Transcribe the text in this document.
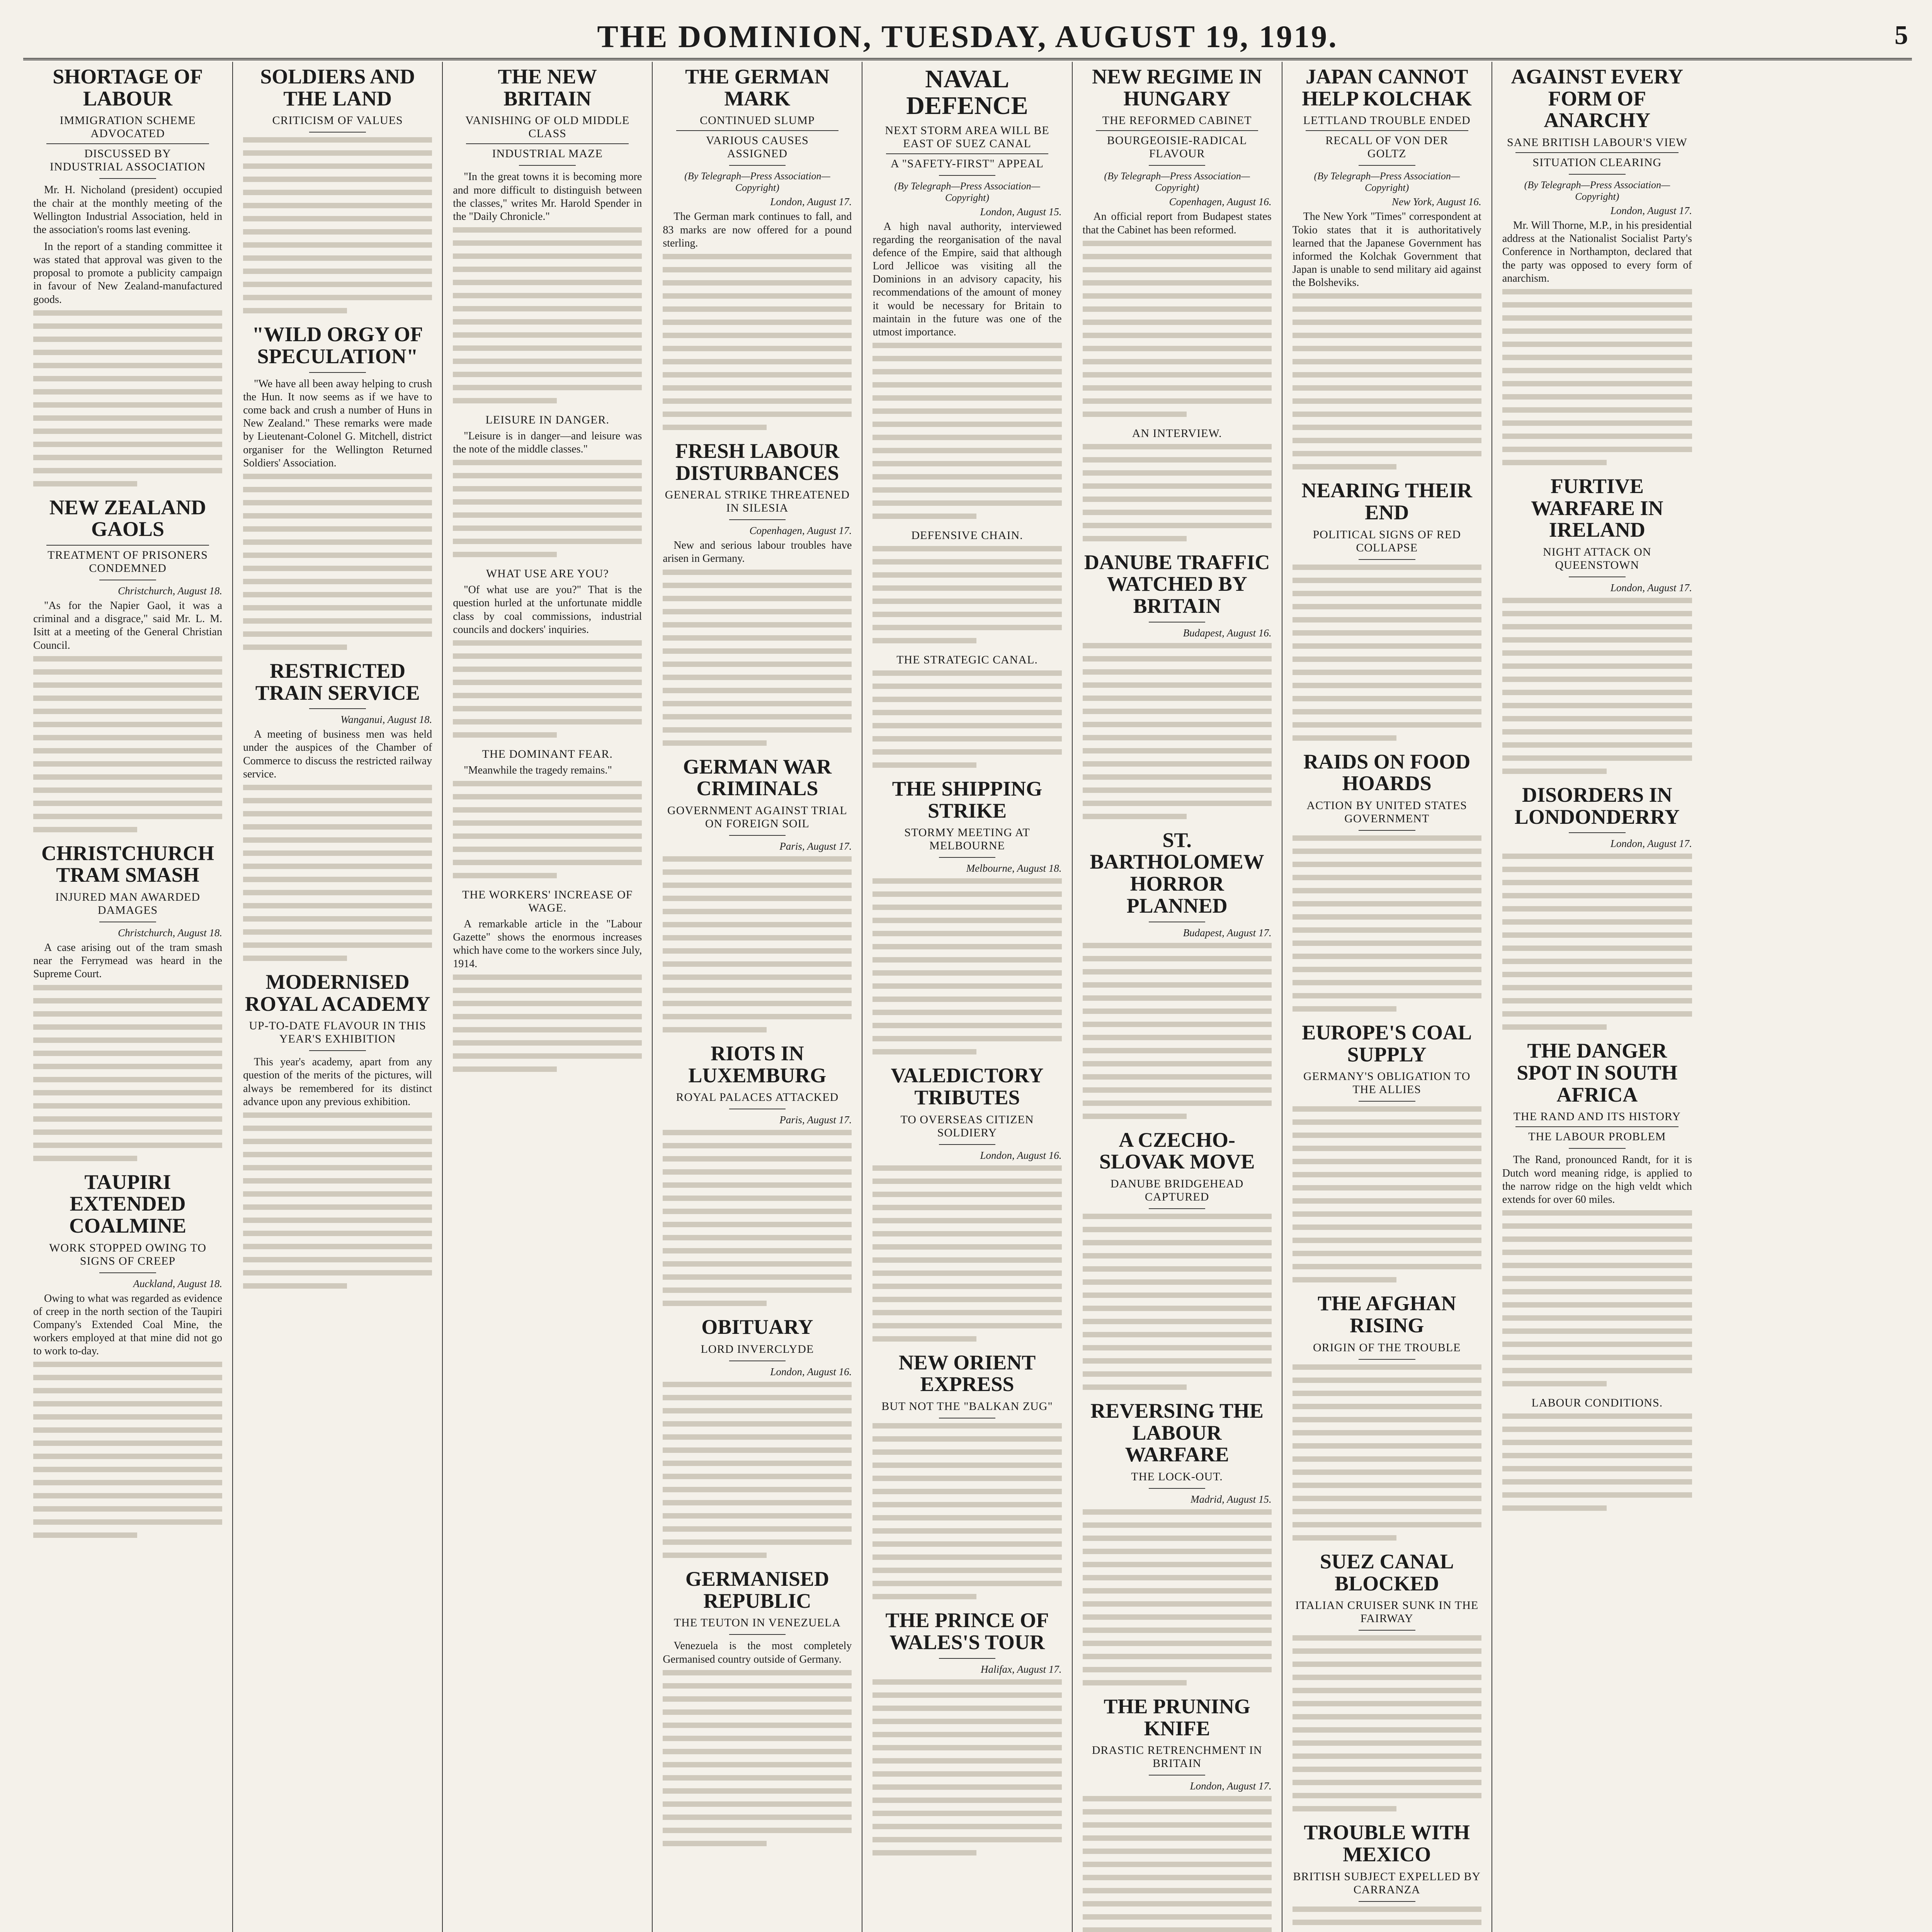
THE DOMINION, TUESDAY, AUGUST 19, 1919.	5
SHORTAGE OF LABOUR
IMMIGRATION SCHEME ADVOCATED
DISCUSSED BY INDUSTRIAL ASSOCIATION

Mr. H. Nicholand (president) occupied the chair at the monthly meeting of the Wellington Industrial Association, held in the association's rooms last evening.

In the report of a standing committee it was stated that approval was given to the proposal to promote a publicity campaign in favour of New Zealand-manufactured goods.

NEW ZEALAND GAOLS
TREATMENT OF PRISONERS CONDEMNED
Christchurch, August 18.

"As for the Napier Gaol, it was a criminal and a disgrace," said Mr. L. M. Isitt at a meeting of the General Christian Council.

CHRISTCHURCH TRAM SMASH
INJURED MAN AWARDED DAMAGES
Christchurch, August 18.

A case arising out of the tram smash near the Ferrymead was heard in the Supreme Court.

TAUPIRI EXTENDED COALMINE
WORK STOPPED OWING TO SIGNS OF CREEP
Auckland, August 18.

Owing to what was regarded as evidence of creep in the north section of the Taupiri Company's Extended Coal Mine, the workers employed at that mine did not go to work to-day.

SOLDIERS AND THE LAND
CRITICISM OF VALUES
"WILD ORGY OF SPECULATION"

"We have all been away helping to crush the Hun. It now seems as if we have to come back and crush a number of Huns in New Zealand." These remarks were made by Lieutenant-Colonel G. Mitchell, district organiser for the Wellington Returned Soldiers' Association.

RESTRICTED TRAIN SERVICE
Wanganui, August 18.

A meeting of business men was held under the auspices of the Chamber of Commerce to discuss the restricted railway service.

MODERNISED ROYAL ACADEMY
UP-TO-DATE FLAVOUR IN THIS YEAR'S EXHIBITION

This year's academy, apart from any question of the merits of the pictures, will always be remembered for its distinct advance upon any previous exhibition.

THE NEW BRITAIN
VANISHING OF OLD MIDDLE CLASS
INDUSTRIAL MAZE

"In the great towns it is becoming more and more difficult to distinguish between the classes," writes Mr. Harold Spender in the "Daily Chronicle."

LEISURE IN DANGER.

"Leisure is in danger—and leisure was the note of the middle classes."

WHAT USE ARE YOU?

"Of what use are you?" That is the question hurled at the unfortunate middle class by coal commissions, industrial councils and dockers' inquiries.

THE DOMINANT FEAR.

"Meanwhile the tragedy remains."

THE WORKERS' INCREASE OF WAGE.

A remarkable article in the "Labour Gazette" shows the enormous increases which have come to the workers since July, 1914.

THE GERMAN MARK
CONTINUED SLUMP
VARIOUS CAUSES ASSIGNED
(By Telegraph—Press Association—Copyright)
London, August 17.

The German mark continues to fall, and 83 marks are now offered for a pound sterling.

FRESH LABOUR DISTURBANCES
GENERAL STRIKE THREATENED IN SILESIA
Copenhagen, August 17.

New and serious labour troubles have arisen in Germany.

GERMAN WAR CRIMINALS
GOVERNMENT AGAINST TRIAL ON FOREIGN SOIL
Paris, August 17.
RIOTS IN LUXEMBURG
ROYAL PALACES ATTACKED
Paris, August 17.
OBITUARY
LORD INVERCLYDE
London, August 16.
GERMANISED REPUBLIC
THE TEUTON IN VENEZUELA

Venezuela is the most completely Germanised country outside of Germany.

NAVAL DEFENCE
NEXT STORM AREA WILL BE EAST OF SUEZ CANAL
A "SAFETY-FIRST" APPEAL
(By Telegraph—Press Association—Copyright)
London, August 15.

A high naval authority, interviewed regarding the reorganisation of the naval defence of the Empire, said that although Lord Jellicoe was visiting all the Dominions in an advisory capacity, his recommendations of the amount of money it would be necessary for Britain to maintain in the future was one of the utmost importance.

DEFENSIVE CHAIN.
THE STRATEGIC CANAL.
THE SHIPPING STRIKE
STORMY MEETING AT MELBOURNE
Melbourne, August 18.
VALEDICTORY TRIBUTES
TO OVERSEAS CITIZEN SOLDIERY
London, August 16.
NEW ORIENT EXPRESS
BUT NOT THE "BALKAN ZUG"
THE PRINCE OF WALES'S TOUR
Halifax, August 17.
NEW REGIME IN HUNGARY
THE REFORMED CABINET
BOURGEOISIE-RADICAL FLAVOUR
(By Telegraph—Press Association—Copyright)
Copenhagen, August 16.

An official report from Budapest states that the Cabinet has been reformed.

AN INTERVIEW.
DANUBE TRAFFIC WATCHED BY BRITAIN
Budapest, August 16.
ST. BARTHOLOMEW HORROR PLANNED
Budapest, August 17.
A CZECHO-SLOVAK MOVE
DANUBE BRIDGEHEAD CAPTURED
REVERSING THE LABOUR WARFARE
THE LOCK-OUT.
Madrid, August 15.
THE PRUNING KNIFE
DRASTIC RETRENCHMENT IN BRITAIN
London, August 17.
JAPAN CANNOT HELP KOLCHAK
LETTLAND TROUBLE ENDED
RECALL OF VON DER GOLTZ
(By Telegraph—Press Association—Copyright)
New York, August 16.

The New York "Times" correspondent at Tokio states that it is authoritatively learned that the Japanese Government has informed the Kolchak Government that Japan is unable to send military aid against the Bolsheviks.

NEARING THEIR END
POLITICAL SIGNS OF RED COLLAPSE
RAIDS ON FOOD HOARDS
ACTION BY UNITED STATES GOVERNMENT
EUROPE'S COAL SUPPLY
GERMANY'S OBLIGATION TO THE ALLIES
THE AFGHAN RISING
ORIGIN OF THE TROUBLE
SUEZ CANAL BLOCKED
ITALIAN CRUISER SUNK IN THE FAIRWAY
TROUBLE WITH MEXICO
BRITISH SUBJECT EXPELLED BY CARRANZA
AGAINST EVERY FORM OF ANARCHY
SANE BRITISH LABOUR'S VIEW
SITUATION CLEARING
(By Telegraph—Press Association—Copyright)
London, August 17.

Mr. Will Thorne, M.P., in his presidential address at the Nationalist Socialist Party's Conference in Northampton, declared that the party was opposed to every form of anarchism.

FURTIVE WARFARE IN IRELAND
NIGHT ATTACK ON QUEENSTOWN
London, August 17.
DISORDERS IN LONDONDERRY
London, August 17.
THE DANGER SPOT IN SOUTH AFRICA
THE RAND AND ITS HISTORY
THE LABOUR PROBLEM

The Rand, pronounced Randt, for it is Dutch word meaning ridge, is applied to the narrow ridge on the high veldt which extends for over 60 miles.

LABOUR CONDITIONS.
